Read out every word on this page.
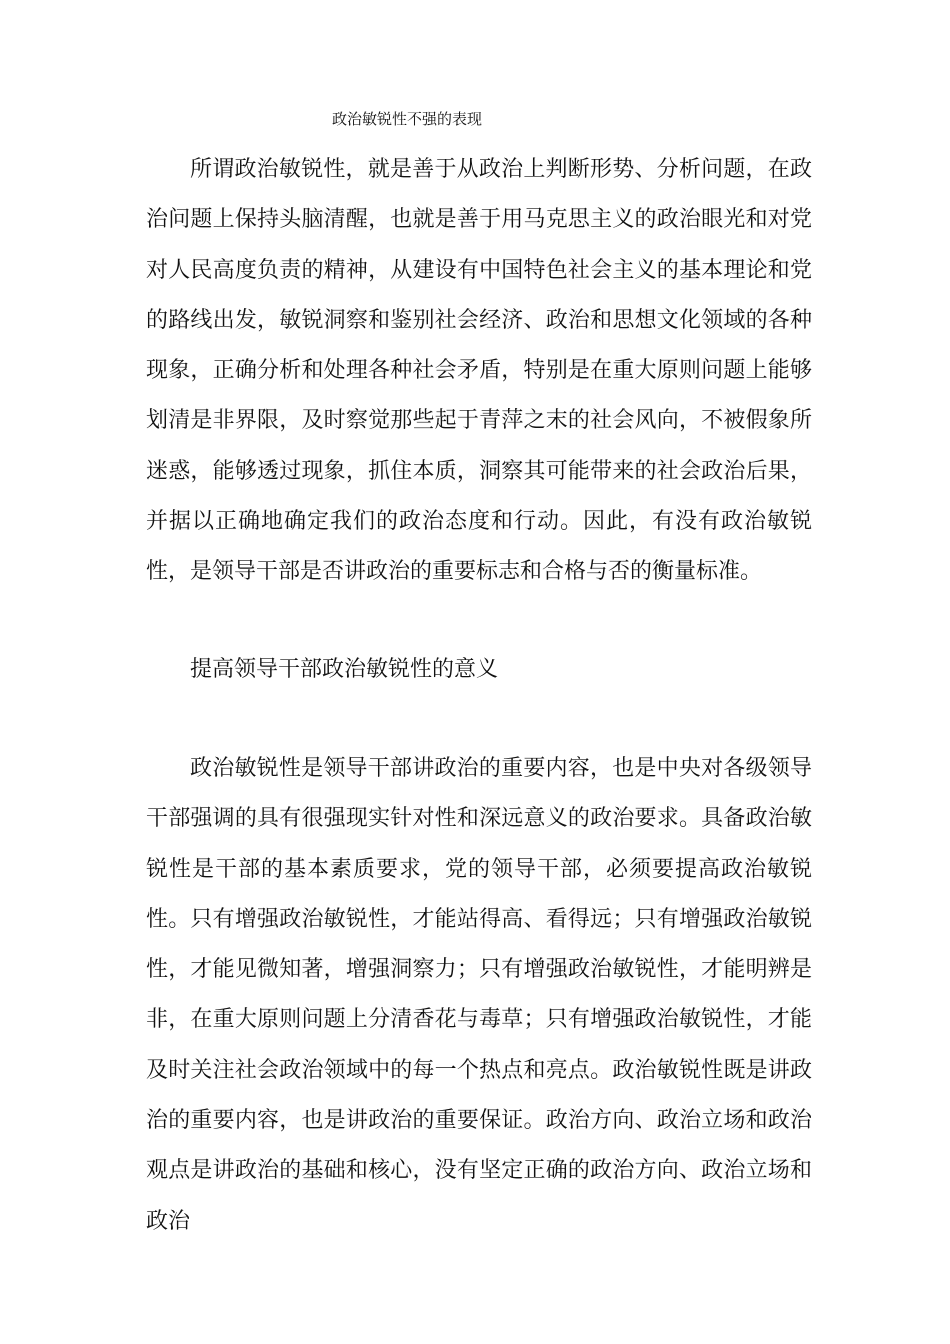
政治敏锐性不强的表现

所谓政治敏锐性，就是善于从政治上判断形势、分析问题，在政治问题上保持头脑清醒，也就是善于用马克思主义的政治眼光和对党对人民高度负责的精神，从建设有中国特色社会主义的基本理论和党的路线出发，敏锐洞察和鉴别社会经济、政治和思想文化领域的各种现象，正确分析和处理各种社会矛盾，特别是在重大原则问题上能够划清是非界限，及时察觉那些起于青萍之末的社会风向，不被假象所迷惑，能够透过现象，抓住本质，洞察其可能带来的社会政治后果，并据以正确地确定我们的政治态度和行动。因此，有没有政治敏锐性，是领导干部是否讲政治的重要标志和合格与否的衡量标准。

提高领导干部政治敏锐性的意义

政治敏锐性是领导干部讲政治的重要内容，也是中央对各级领导干部强调的具有很强现实针对性和深远意义的政治要求。具备政治敏锐性是干部的基本素质要求，党的领导干部，必须要提高政治敏锐性。只有增强政治敏锐性，才能站得高、看得远；只有增强政治敏锐性，才能见微知著，增强洞察力；只有增强政治敏锐性，才能明辨是非，在重大原则问题上分清香花与毒草；只有增强政治敏锐性，才能及时关注社会政治领域中的每一个热点和亮点。政治敏锐性既是讲政治的重要内容，也是讲政治的重要保证。政治方向、政治立场和政治观点是讲政治的基础和核心，没有坚定正确的政治方向、政治立场和政治
